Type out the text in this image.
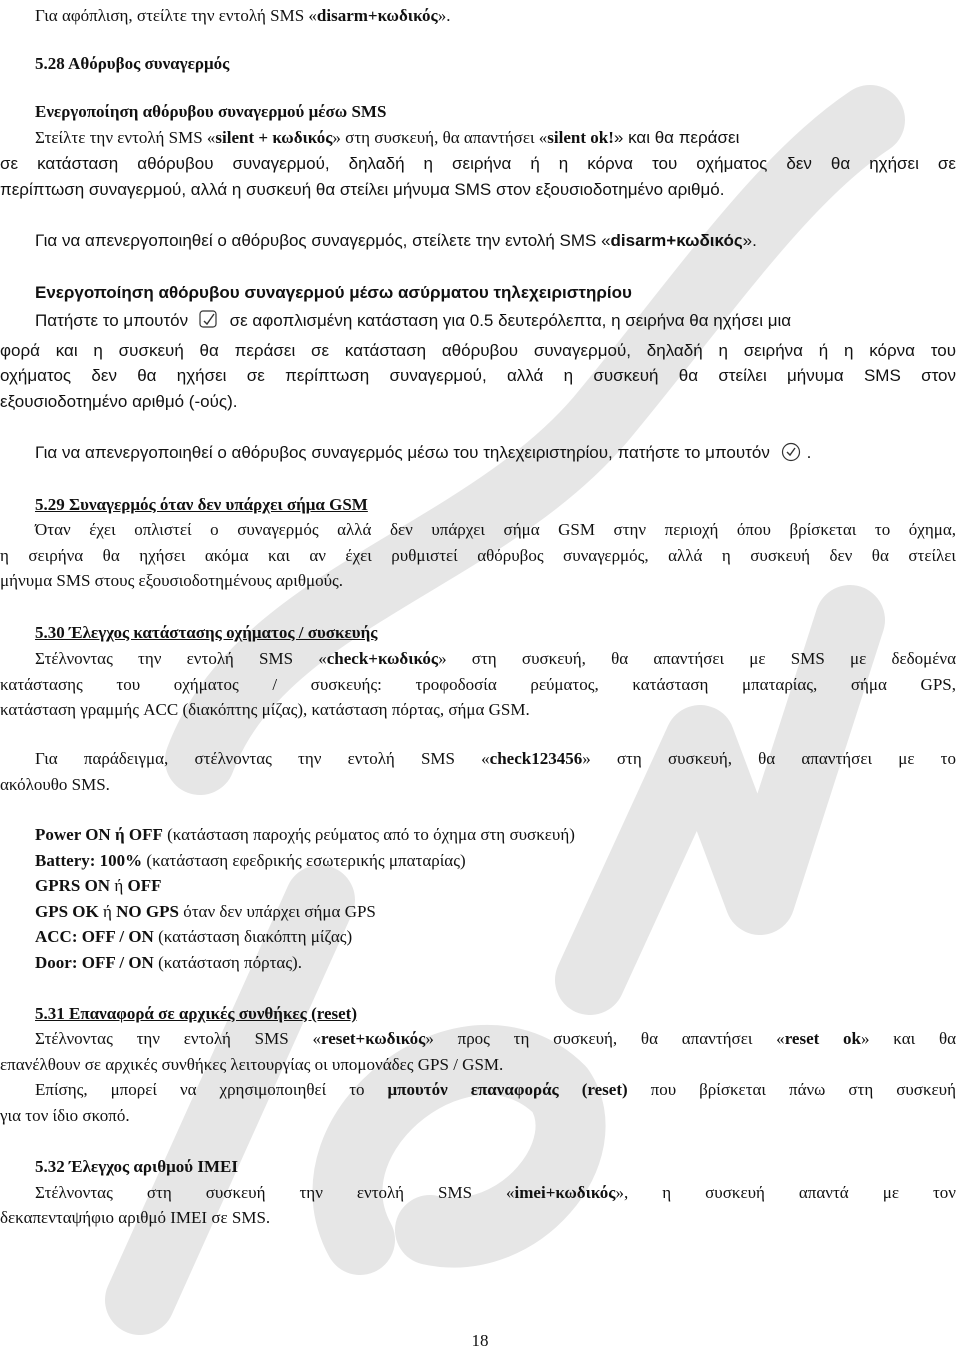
Για αφόπλιση, στείλτε την εντολή SMS «disarm+κωδικός».
5.28 Αθόρυβος συναγερμός
Ενεργοποίηση αθόρυβου συναγερμού μέσω SMS
Στείλτε την εντολή SMS «silent + κωδικός» στη συσκευή, θα απαντήσει «silent ok!» και θα περάσει
σε κατάσταση αθόρυβου συναγερμού, δηλαδή η σειρήνα ή η κόρνα του οχήματος δεν θα ηχήσει σε
περίπτωση συναγερμού, αλλά η συσκευή θα στείλει μήνυμα SMS στον εξουσιοδοτημένο αριθμό.
Για να απενεργοποιηθεί ο αθόρυβος συναγερμός, στείλετε την εντολή SMS «disarm+κωδικός».
Ενεργοποίηση αθόρυβου συναγερμού μέσω ασύρματου τηλεχειριστηρίου
Πατήστε το μπουτόν σε αφοπλισμένη κατάσταση για 0.5 δευτερόλεπτα, η σειρήνα θα ηχήσει μια
φορά και η συσκευή θα περάσει σε κατάσταση αθόρυβου συναγερμού, δηλαδή η σειρήνα ή η κόρνα του
οχήματος δεν θα ηχήσει σε περίπτωση συναγερμού, αλλά η συσκευή θα στείλει μήνυμα SMS στον
εξουσιοδοτημένο αριθμό (-ούς).
Για να απενεργοποιηθεί ο αθόρυβος συναγερμός μέσω του τηλεχειριστηρίου, πατήστε το μπουτόν .
5.29 Συναγερμός όταν δεν υπάρχει σήμα GSM
Όταν έχει οπλιστεί ο συναγερμός αλλά δεν υπάρχει σήμα GSM στην περιοχή όπου βρίσκεται το όχημα,
η σειρήνα θα ηχήσει ακόμα και αν έχει ρυθμιστεί αθόρυβος συναγερμός, αλλά η συσκευή δεν θα στείλει
μήνυμα SMS στους εξουσιοδοτημένους αριθμούς.
5.30 Έλεγχος κατάστασης οχήματος / συσκευής
Στέλνοντας την εντολή SMS «check+κωδικός» στη συσκευή, θα απαντήσει με SMS με δεδομένα
κατάστασης του οχήματος / συσκευής: τροφοδοσία ρεύματος, κατάσταση μπαταρίας, σήμα GPS,
κατάσταση γραμμής ACC (διακόπτης μίζας), κατάσταση πόρτας, σήμα GSM.
Για παράδειγμα, στέλνοντας την εντολή SMS «check123456» στη συσκευή, θα απαντήσει με το
ακόλουθο SMS.
Power ON ή OFF (κατάσταση παροχής ρεύματος από το όχημα στη συσκευή)
Battery: 100% (κατάσταση εφεδρικής εσωτερικής μπαταρίας)
GPRS ON ή OFF
GPS OK ή NO GPS όταν δεν υπάρχει σήμα GPS
ACC: OFF / ON (κατάσταση διακόπτη μίζας)
Door: OFF / ON (κατάσταση πόρτας).
5.31 Επαναφορά σε αρχικές συνθήκες (reset)
Στέλνοντας την εντολή SMS «reset+κωδικός» προς τη συσκευή, θα απαντήσει «reset ok» και θα
επανέλθουν σε αρχικές συνθήκες λειτουργίας οι υπομονάδες GPS / GSM.
Επίσης, μπορεί να χρησιμοποιηθεί το μπουτόν επαναφοράς (reset) που βρίσκεται πάνω στη συσκευή
για τον ίδιο σκοπό.
5.32 Έλεγχος αριθμού IMEI
Στέλνοντας στη συσκευή την εντολή SMS «imei+κωδικός», η συσκευή απαντά με τον
δεκαπενταψήφιο αριθμό IMEI σε SMS.
18
